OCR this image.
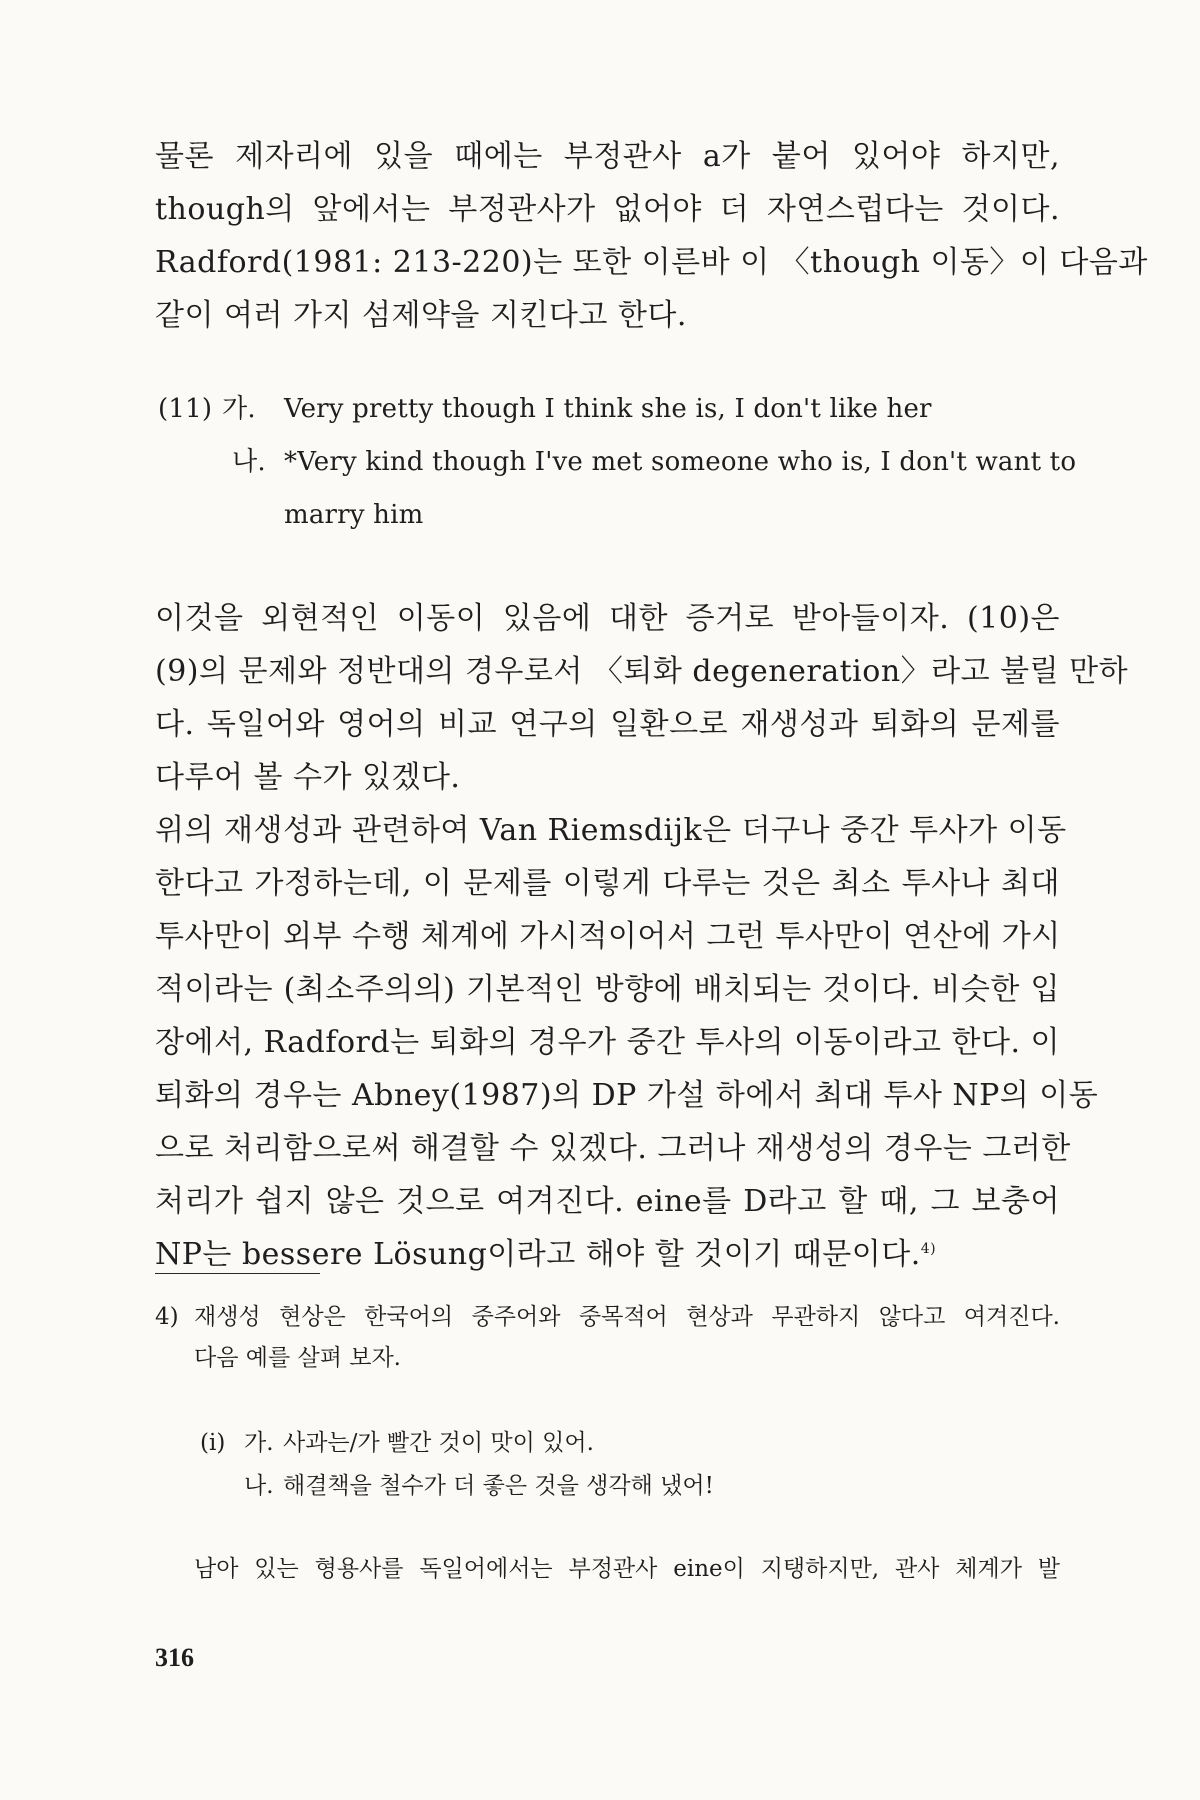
물론 제자리에 있을 때에는 부정관사 a가 붙어 있어야 하지만,

though의 앞에서는 부정관사가 없어야 더 자연스럽다는 것이다.

Radford(1981: 213-220)는 또한 이른바 이 〈though 이동〉이 다음과

같이 여러 가지 섬제약을 지킨다고 한다.

(11) 가. Very pretty though I think she is, I don't like her
나. *Very kind though I've met someone who is, I don't want to
marry him

이것을 외현적인 이동이 있음에 대한 증거로 받아들이자. (10)은

(9)의 문제와 정반대의 경우로서 〈퇴화 degeneration〉라고 불릴 만하

다. 독일어와 영어의 비교 연구의 일환으로 재생성과 퇴화의 문제를

다루어 볼 수가 있겠다.

위의 재생성과 관련하여 Van Riemsdijk은 더구나 중간 투사가 이동

한다고 가정하는데, 이 문제를 이렇게 다루는 것은 최소 투사나 최대

투사만이 외부 수행 체계에 가시적이어서 그런 투사만이 연산에 가시

적이라는 (최소주의의) 기본적인 방향에 배치되는 것이다. 비슷한 입

장에서, Radford는 퇴화의 경우가 중간 투사의 이동이라고 한다. 이

퇴화의 경우는 Abney(1987)의 DP 가설 하에서 최대 투사 NP의 이동

으로 처리함으로써 해결할 수 있겠다. 그러나 재생성의 경우는 그러한

처리가 쉽지 않은 것으로 여겨진다. eine를 D라고 할 때, 그 보충어

NP는 bessere Lösung이라고 해야 할 것이기 때문이다.$^{4)}$

4) 재생성 현상은 한국어의 중주어와 중목적어 현상과 무관하지 않다고 여겨진다.
다음 예를 살펴 보자.
(i) 가. 사과는/가 빨간 것이 맛이 있어.
나. 해결책을 철수가 더 좋은 것을 생각해 냈어!
남아 있는 형용사를 독일어에서는 부정관사 eine이 지탱하지만, 관사 체계가 발
316
